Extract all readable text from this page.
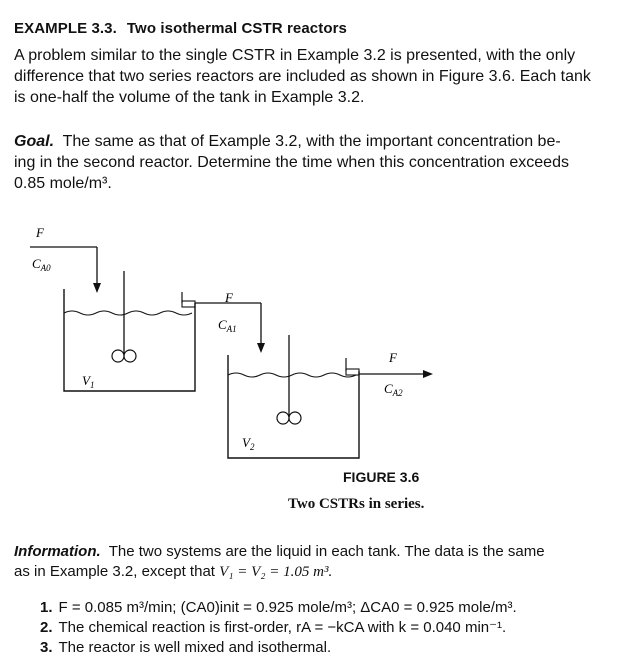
EXAMPLE 3.3. Two isothermal CSTR reactors
A problem similar to the single CSTR in Example 3.2 is presented, with the only
difference that two series reactors are included as shown in Figure 3.6. Each tank
is one-half the volume of the tank in Example 3.2.
Goal. The same as that of Example 3.2, with the important concentration be-
ing in the second reactor. Determine the time when this concentration exceeds
0.85 mole/m³.
F
$C_{A0}$
$V_1$
F
$C_{A1}$
$V_2$
F
$C_{A2}$
FIGURE 3.6
Two CSTRs in series.
Information. The two systems are the liquid in each tank. The data is the same
as in Example 3.2, except that V₁ = V₂ = 1.05 m³.
1. F = 0.085 m³/min; (CA0)init = 0.925 mole/m³; ΔCA0 = 0.925 mole/m³.
2. The chemical reaction is first-order, rA = −kCA with k = 0.040 min⁻¹.
3. The reactor is well mixed and isothermal.
